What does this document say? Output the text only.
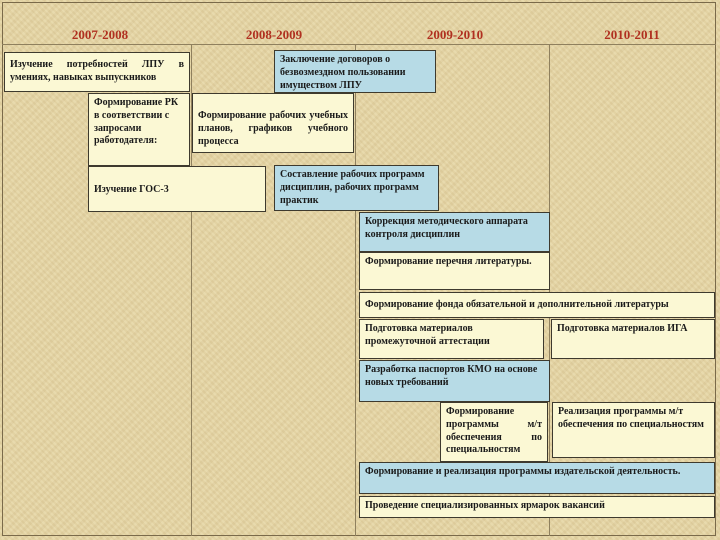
2007-2008	2008-2009	2009-2010	2010-2011
Изучение потребностей ЛПУ в умениях, навыках выпускников
Заключение договоров о безвозмездном пользовании имуществом ЛПУ
Формирование РК в соответствии с запросами работодателя:
Формирование рабочих учебных планов, графиков учебного процесса
Изучение ГОС-3
Составление рабочих программ дисциплин, рабочих программ практик
Коррекция методического аппарата контроля дисциплин
Формирование перечня литературы.
Формирование фонда обязательной и дополнительной литературы
Подготовка материалов промежуточной аттестации
Подготовка материалов ИГА
Разработка паспортов КМО на основе новых требований
Формирование программы м/т обеспечения по специальностям
Реализация программы м/т обеспечения по специальностям
Формирование и реализация программы издательской деятельность.
Проведение специализированных ярмарок вакансий
